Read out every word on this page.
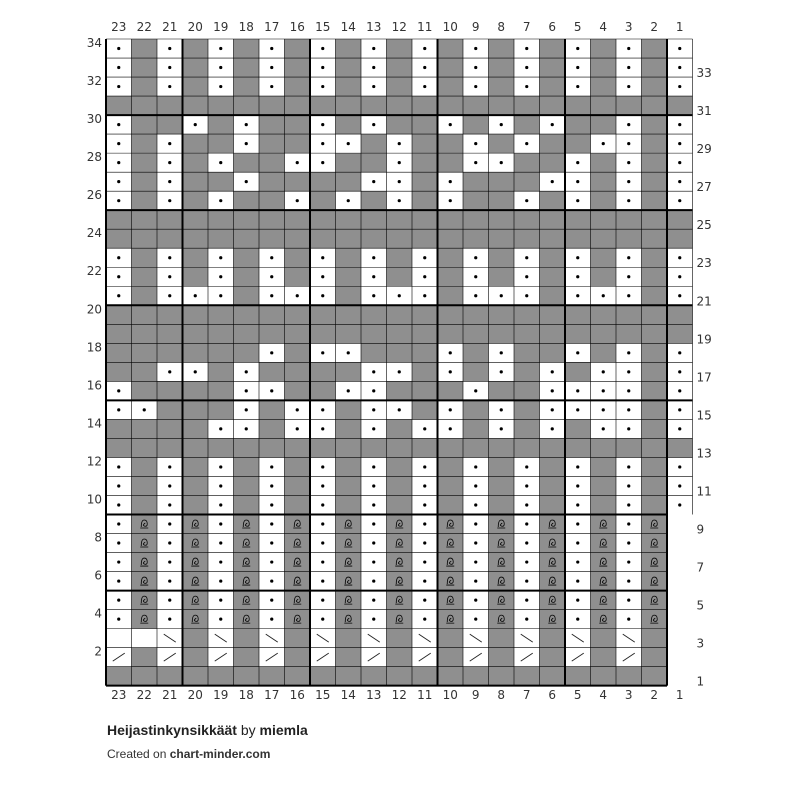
1
1
2
2
3
3
4
4
5
5
6
6
7
7
8
8
9
9
10
10
11
11
12
12
13
13
14
14
15
15
16
16
17
17
18
18
19
19
20
20
21
21
22
22
23
23
1
2
3
4
5
6
7
8
9
10
11
12
13
14
15
16
17
18
19
20
21
22
23
24
25
26
27
28
29
30
31
32
33
34
Heijastinkynsikkäät by miemla
Created on chart-minder.com
